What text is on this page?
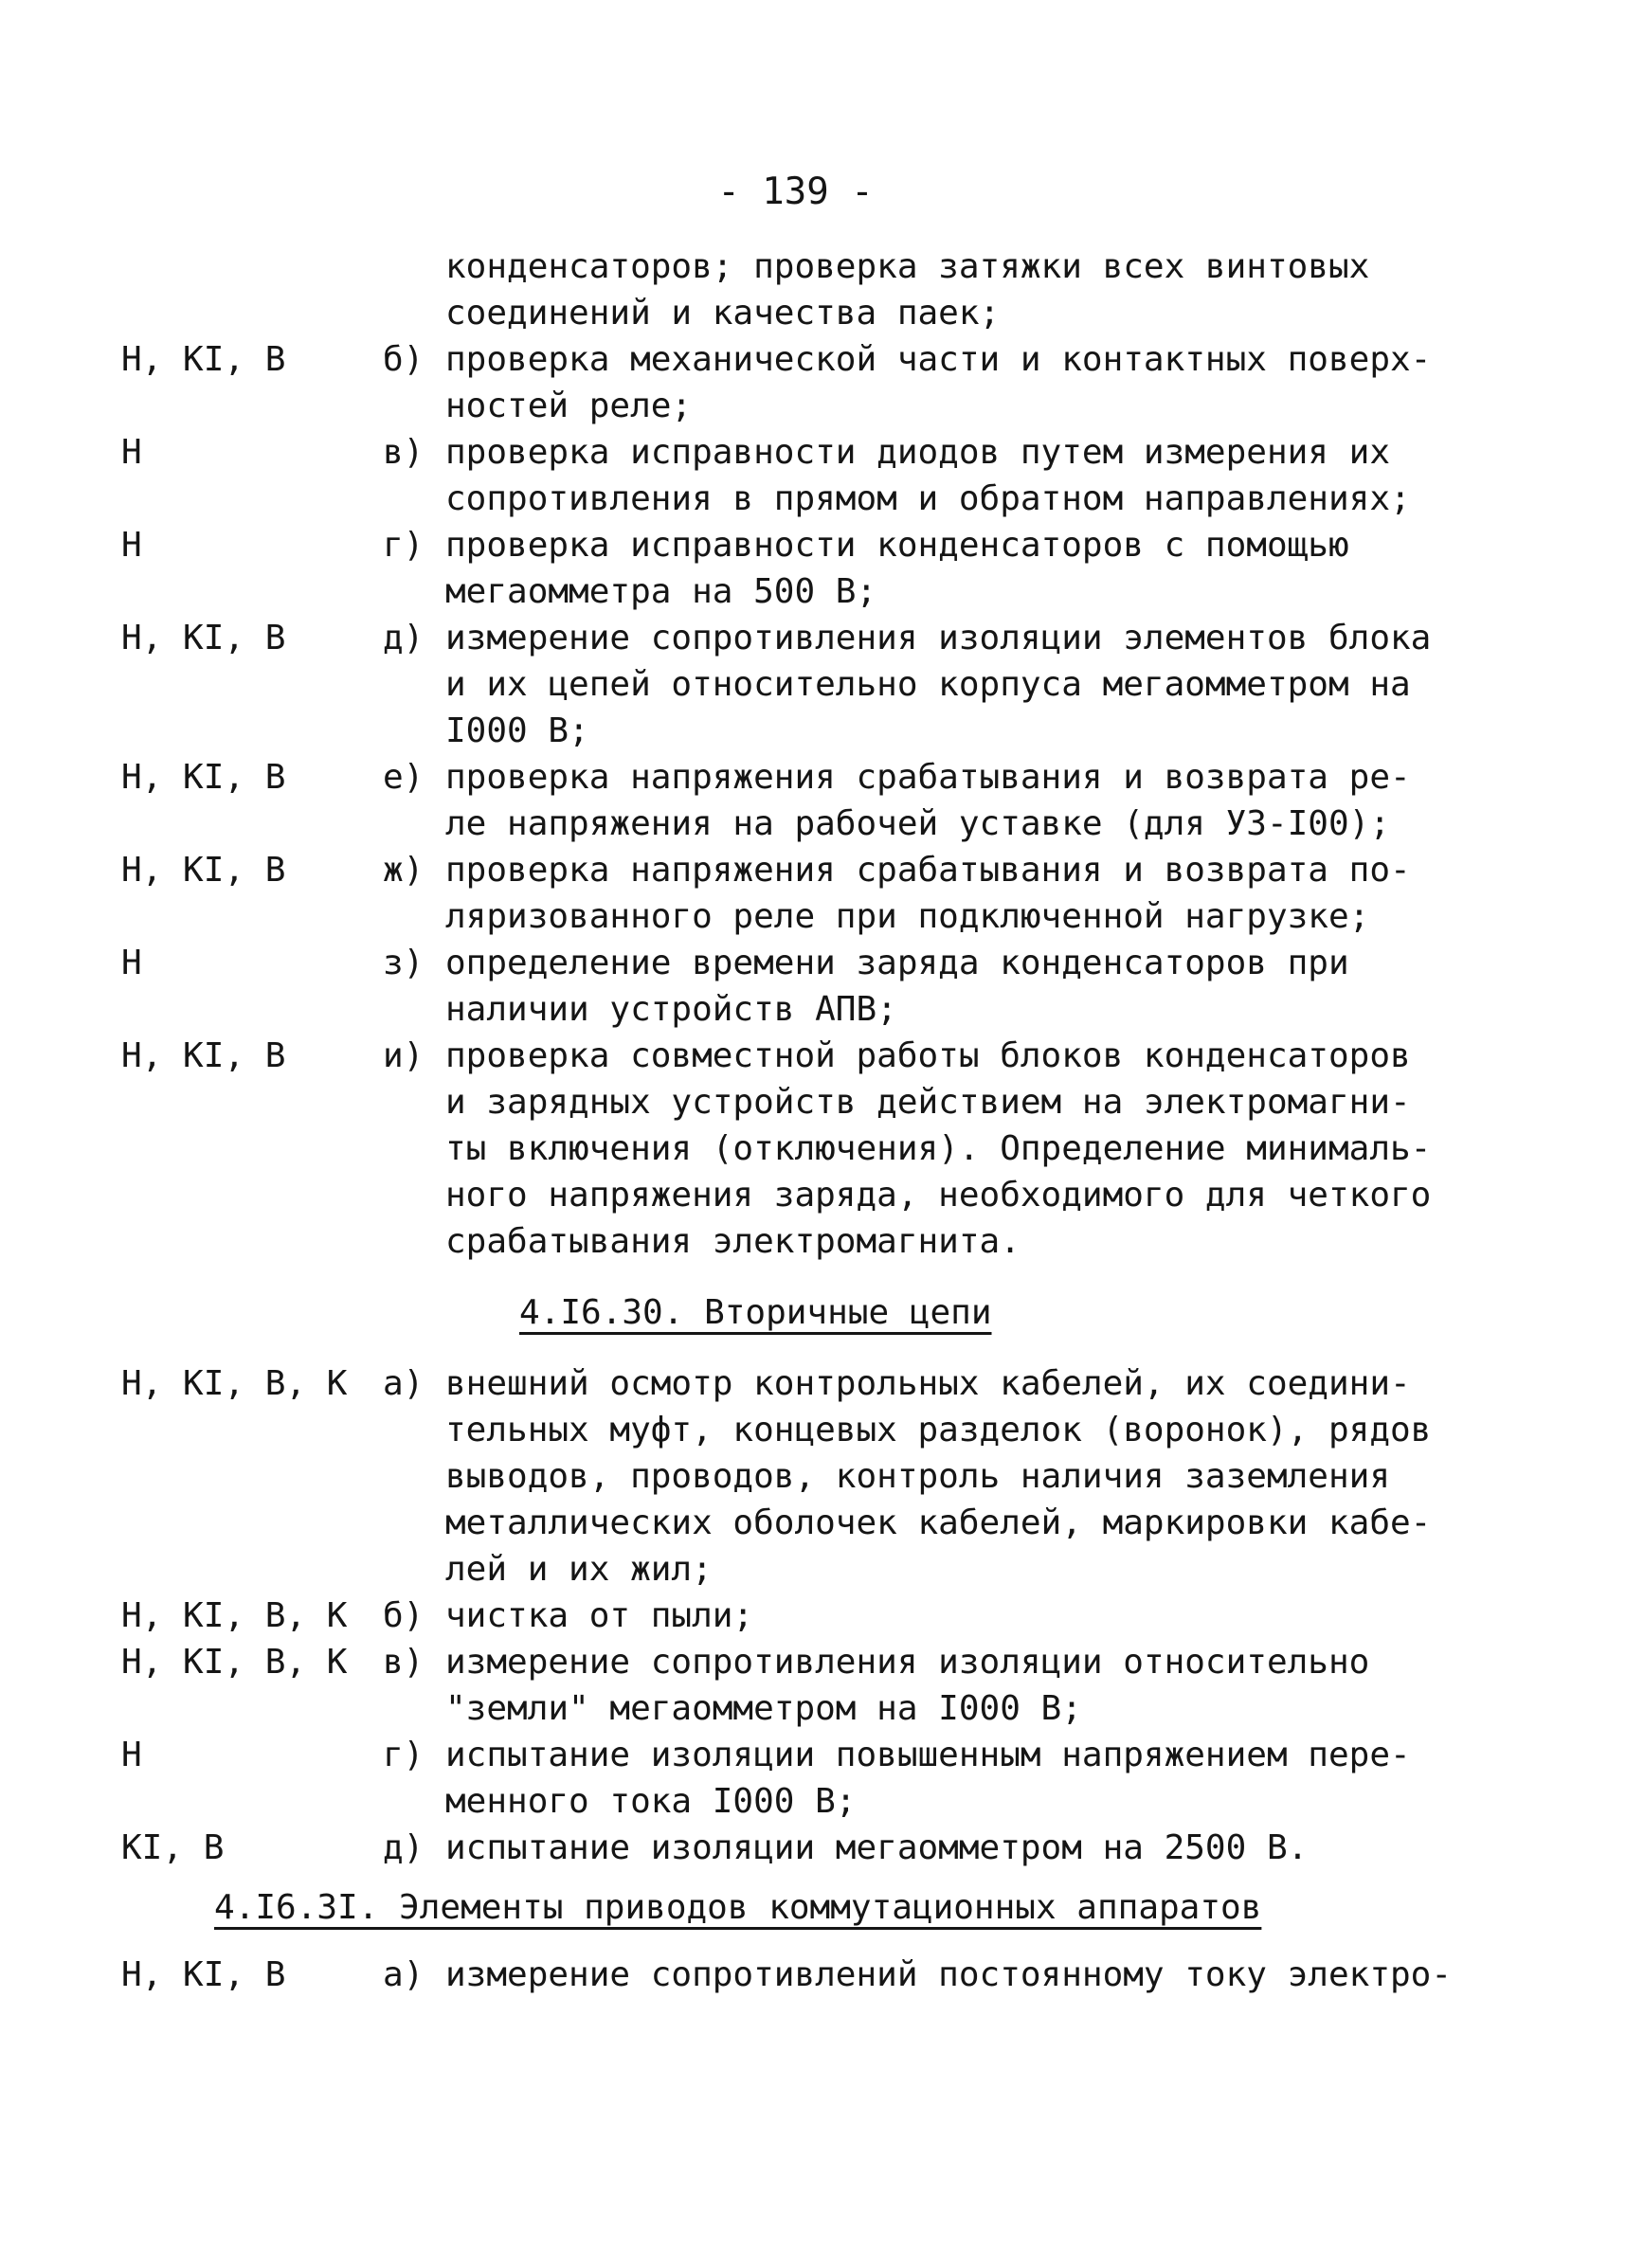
- 139 -
конденсаторов; проверка затяжки всех винтовых
соединений и качества паек;
Н, КI, В	б) проверка механической части и контактных поверх-
ностей реле;
Н	в) проверка исправности диодов путем измерения их
сопротивления в прямом и обратном направлениях;
Н	г) проверка исправности конденсаторов с помощью
мегаомметра на 500 В;
Н, КI, В	д) измерение сопротивления изоляции элементов блока
и их цепей относительно корпуса мегаомметром на
I000 В;
Н, КI, В	е) проверка напряжения срабатывания и возврата ре-
ле напряжения на рабочей уставке (для УЗ-I00);
Н, КI, В	ж) проверка напряжения срабатывания и возврата по-
ляризованного реле при подключенной нагрузке;
Н	з) определение времени заряда конденсаторов при
наличии устройств АПВ;
Н, КI, В	и) проверка совместной работы блоков конденсаторов
и зарядных устройств действием на электромагни-
ты включения (отключения). Определение минималь-
ного напряжения заряда, необходимого для четкого
срабатывания электромагнита.
4.I6.30. Вторичные цепи
Н, КI, В, К а) внешний осмотр контрольных кабелей, их соедини-
тельных муфт, концевых разделок (воронок), рядов
выводов, проводов, контроль наличия заземления
металлических оболочек кабелей, маркировки кабе-
лей и их жил;
Н, КI, В, К б) чистка от пыли;
Н, КI, В, К в) измерение сопротивления изоляции относительно
"земли" мегаомметром на I000 В;
Н	г) испытание изоляции повышенным напряжением пере-
менного тока I000 В;
КI, В	д) испытание изоляции мегаомметром на 2500 В.
4.I6.3I. Элементы приводов коммутационных аппаратов
Н, КI, В	а) измерение сопротивлений постоянному току электро-
